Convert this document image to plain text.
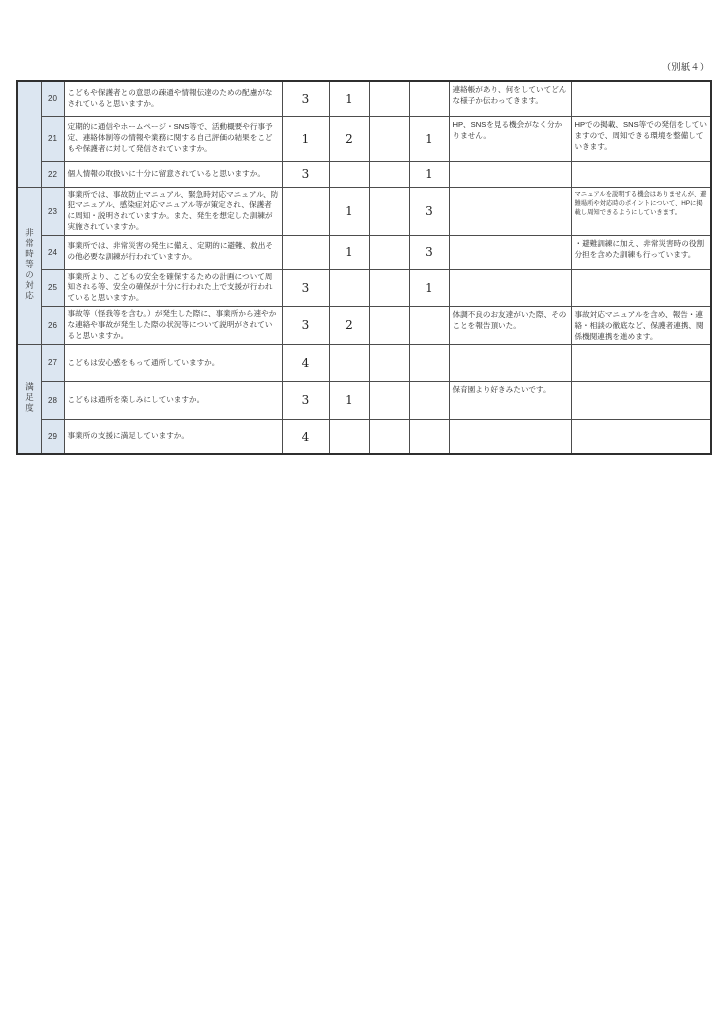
（別紙４）
	20	こどもや保護者との意思の疎通や情報伝達のための配慮がなされていると思いますか。	3	1			連絡帳があり、何をしていてどんな様子か伝わってきます。	
	21	定期的に通信やホームページ・SNS等で、活動概要や行事予定、連絡体制等の情報や業務に関する自己評価の結果をこどもや保護者に対して発信されていますか。	1	2		1	HP、SNSを見る機会がなく分かりません。	HPでの掲載、SNS等での発信をしていますので、周知できる環境を整備していきます。
	22	個人情報の取扱いに十分に留意されていると思いますか。	3			1		
非常時等の対応	23	事業所では、事故防止マニュアル、緊急時対応マニュアル、防犯マニュアル、感染症対応マニュアル等が策定され、保護者に周知・説明されていますか。また、発生を想定した訓練が実施されていますか。		1		3		マニュアルを説明する機会はありませんが、避難場所や対応時のポイントについて、HPに掲載し周知できるようにしていきます。
	24	事業所では、非常災害の発生に備え、定期的に避難、救出その他必要な訓練が行われていますか。		1		3		・避難訓練に加え、非常災害時の役割分担を含めた訓練も行っています。
	25	事業所より、こどもの安全を確保するための計画について周知される等、安全の確保が十分に行われた上で支援が行われていると思いますか。	3			1		
	26	事故等（怪我等を含む。）が発生した際に、事業所から速やかな連絡や事故が発生した際の状況等について説明がされていると思いますか。	3	2			体調不良のお友達がいた際、そのことを報告頂いた。	事故対応マニュアルを含め、報告・連絡・相談の徹底など、保護者連携、関係機関連携を進めます。
満足度	27	こどもは安心感をもって通所していますか。	4					
	28	こどもは通所を楽しみにしていますか。	3	1			保育園より好きみたいです。	
	29	事業所の支援に満足していますか。	4					
